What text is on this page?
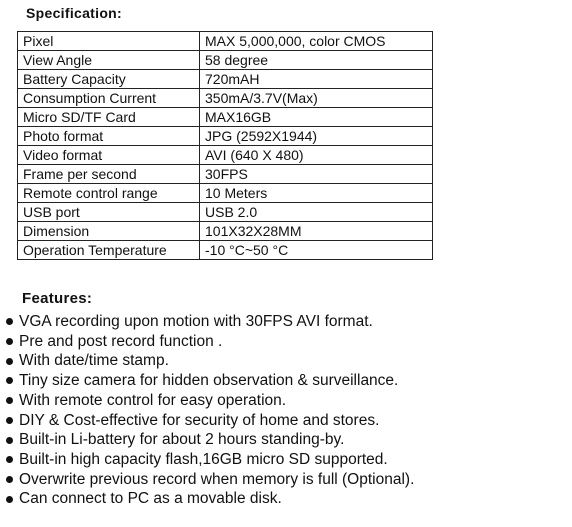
Specification:
Pixel	MAX 5,000,000, color CMOS
View Angle	58 degree
Battery Capacity	720mAH
Consumption Current	350mA/3.7V(Max)
Micro SD/TF Card	MAX16GB
Photo format	JPG (2592X1944)
Video format	AVI (640 X 480)
Frame per second	30FPS
Remote control range	10 Meters
USB port	USB 2.0
Dimension	101X32X28MM
Operation Temperature	-10 °C~50 °C
Features:
VGA recording upon motion with 30FPS AVI format.
Pre and post record function .
With date/time stamp.
Tiny size camera for hidden observation & surveillance.
With remote control for easy operation.
DIY & Cost-effective for security of home and stores.
Built-in Li-battery for about 2 hours standing-by.
Built-in high capacity flash,16GB micro SD supported.
Overwrite previous record when memory is full (Optional).
Can connect to PC as a movable disk.
